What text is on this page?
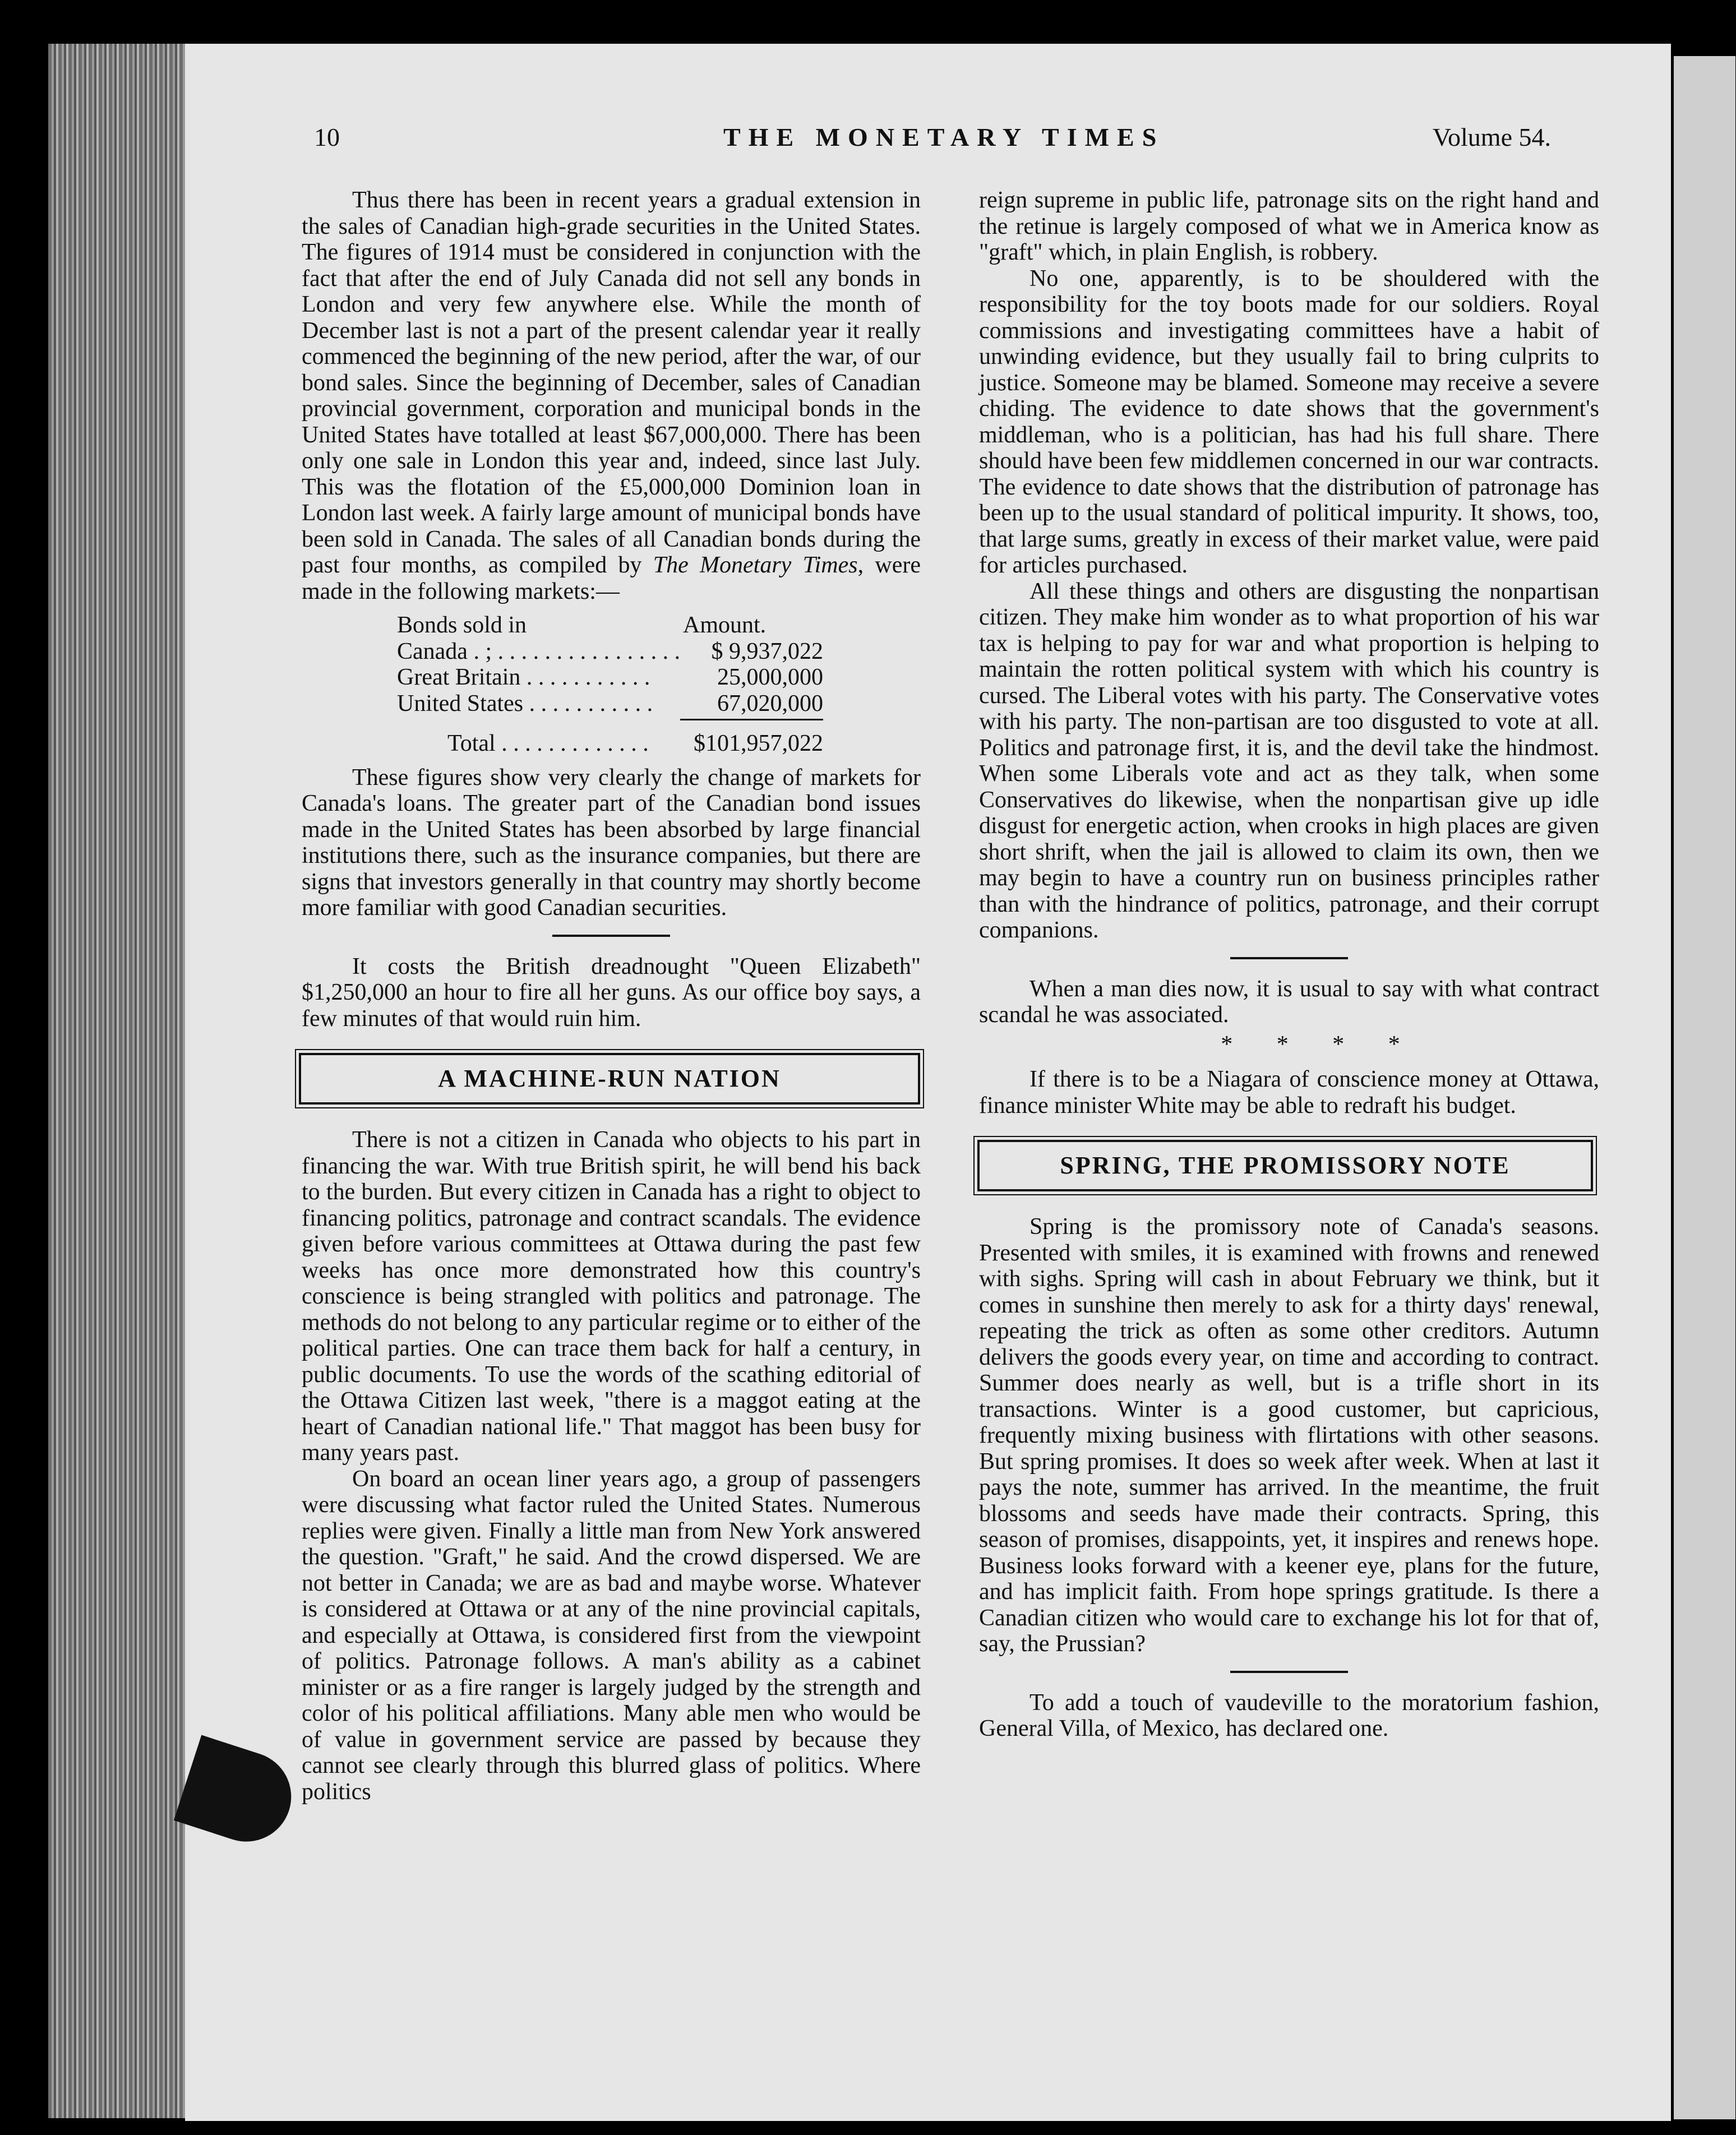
10	THE MONETARY TIMES	Volume 54.

Thus there has been in recent years a gradual extension in the sales of Canadian high-grade securities in the United States. The figures of 1914 must be considered in conjunction with the fact that after the end of July Canada did not sell any bonds in London and very few anywhere else. While the month of December last is not a part of the present calendar year it really commenced the beginning of the new period, after the war, of our bond sales. Since the beginning of December, sales of Canadian provincial government, corporation and municipal bonds in the United States have totalled at least $67,000,000. There has been only one sale in London this year and, indeed, since last July. This was the flotation of the £5,000,000 Dominion loan in London last week. A fairly large amount of municipal bonds have been sold in Canada. The sales of all Canadian bonds during the past four months, as compiled by The Monetary Times, were made in the following markets:—

Bonds sold in	Amount.
Canada . ; . . . . . . . . . . . . . . . .	$ 9,937,022
Great Britain . . . . . . . . . . .	25,000,000
United States . . . . . . . . . . .	67,020,000
Total . . . . . . . . . . . . .	$101,957,022

These figures show very clearly the change of markets for Canada's loans. The greater part of the Canadian bond issues made in the United States has been absorbed by large financial institutions there, such as the insurance companies, but there are signs that investors generally in that country may shortly become more familiar with good Canadian securities.

It costs the British dreadnought "Queen Elizabeth" $1,250,000 an hour to fire all her guns. As our office boy says, a few minutes of that would ruin him.

A MACHINE-RUN NATION

There is not a citizen in Canada who objects to his part in financing the war. With true British spirit, he will bend his back to the burden. But every citizen in Canada has a right to object to financing politics, patronage and contract scandals. The evidence given before various committees at Ottawa during the past few weeks has once more demonstrated how this country's conscience is being strangled with politics and patronage. The methods do not belong to any particular regime or to either of the political parties. One can trace them back for half a century, in public documents. To use the words of the scathing editorial of the Ottawa Citizen last week, "there is a maggot eating at the heart of Canadian national life." That maggot has been busy for many years past.

On board an ocean liner years ago, a group of passengers were discussing what factor ruled the United States. Numerous replies were given. Finally a little man from New York answered the question. "Graft," he said. And the crowd dispersed. We are not better in Canada; we are as bad and maybe worse. Whatever is considered at Ottawa or at any of the nine provincial capitals, and especially at Ottawa, is considered first from the viewpoint of politics. Patronage follows. A man's ability as a cabinet minister or as a fire ranger is largely judged by the strength and color of his political affiliations. Many able men who would be of value in government service are passed by because they cannot see clearly through this blurred glass of politics. Where politics

reign supreme in public life, patronage sits on the right hand and the retinue is largely composed of what we in America know as "graft" which, in plain English, is robbery.

No one, apparently, is to be shouldered with the responsibility for the toy boots made for our soldiers. Royal commissions and investigating committees have a habit of unwinding evidence, but they usually fail to bring culprits to justice. Someone may be blamed. Someone may receive a severe chiding. The evidence to date shows that the government's middleman, who is a politician, has had his full share. There should have been few middlemen concerned in our war contracts. The evidence to date shows that the distribution of patronage has been up to the usual standard of political impurity. It shows, too, that large sums, greatly in excess of their market value, were paid for articles purchased.

All these things and others are disgusting the nonpartisan citizen. They make him wonder as to what proportion of his war tax is helping to pay for war and what proportion is helping to maintain the rotten political system with which his country is cursed. The Liberal votes with his party. The Conservative votes with his party. The non-partisan are too disgusted to vote at all. Politics and patronage first, it is, and the devil take the hindmost. When some Liberals vote and act as they talk, when some Conservatives do likewise, when the nonpartisan give up idle disgust for energetic action, when crooks in high places are given short shrift, when the jail is allowed to claim its own, then we may begin to have a country run on business principles rather than with the hindrance of politics, patronage, and their corrupt companions.

When a man dies now, it is usual to say with what contract scandal he was associated.

* * * *

If there is to be a Niagara of conscience money at Ottawa, finance minister White may be able to redraft his budget.

SPRING, THE PROMISSORY NOTE

Spring is the promissory note of Canada's seasons. Presented with smiles, it is examined with frowns and renewed with sighs. Spring will cash in about February we think, but it comes in sunshine then merely to ask for a thirty days' renewal, repeating the trick as often as some other creditors. Autumn delivers the goods every year, on time and according to contract. Summer does nearly as well, but is a trifle short in its transactions. Winter is a good customer, but capricious, frequently mixing business with flirtations with other seasons. But spring promises. It does so week after week. When at last it pays the note, summer has arrived. In the meantime, the fruit blossoms and seeds have made their contracts. Spring, this season of promises, disappoints, yet, it inspires and renews hope. Business looks forward with a keener eye, plans for the future, and has implicit faith. From hope springs gratitude. Is there a Canadian citizen who would care to exchange his lot for that of, say, the Prussian?

To add a touch of vaudeville to the moratorium fashion, General Villa, of Mexico, has declared one.
